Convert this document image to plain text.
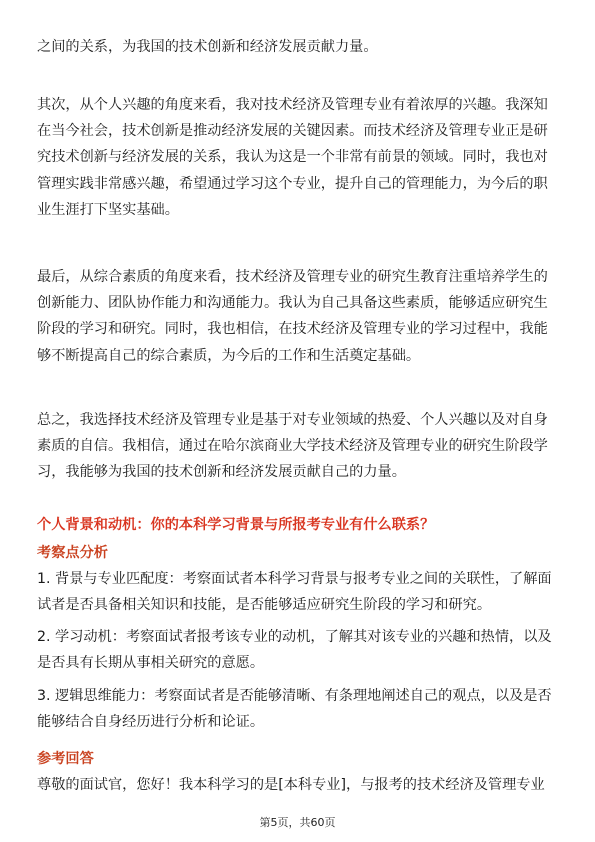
之间的关系，为我国的技术创新和经济发展贡献力量。
其次，从个人兴趣的角度来看，我对技术经济及管理专业有着浓厚的兴趣。我深知
在当今社会，技术创新是推动经济发展的关键因素。而技术经济及管理专业正是研
究技术创新与经济发展的关系，我认为这是一个非常有前景的领域。同时，我也对
管理实践非常感兴趣，希望通过学习这个专业，提升自己的管理能力，为今后的职
业生涯打下坚实基础。
最后，从综合素质的角度来看，技术经济及管理专业的研究生教育注重培养学生的
创新能力、团队协作能力和沟通能力。我认为自己具备这些素质，能够适应研究生
阶段的学习和研究。同时，我也相信，在技术经济及管理专业的学习过程中，我能
够不断提高自己的综合素质，为今后的工作和生活奠定基础。
总之，我选择技术经济及管理专业是基于对专业领域的热爱、个人兴趣以及对自身
素质的自信。我相信，通过在哈尔滨商业大学技术经济及管理专业的研究生阶段学
习，我能够为我国的技术创新和经济发展贡献自己的力量。
个人背景和动机：你的本科学习背景与所报考专业有什么联系？
考察点分析
1. 背景与专业匹配度：考察面试者本科学习背景与报考专业之间的关联性，了解面
试者是否具备相关知识和技能，是否能够适应研究生阶段的学习和研究。
2. 学习动机：考察面试者报考该专业的动机，了解其对该专业的兴趣和热情，以及
是否具有长期从事相关研究的意愿。
3. 逻辑思维能力：考察面试者是否能够清晰、有条理地阐述自己的观点，以及是否
能够结合自身经历进行分析和论证。
参考回答
尊敬的面试官，您好！我本科学习的是[本科专业]，与报考的技术经济及管理专业
第5页，共60页
